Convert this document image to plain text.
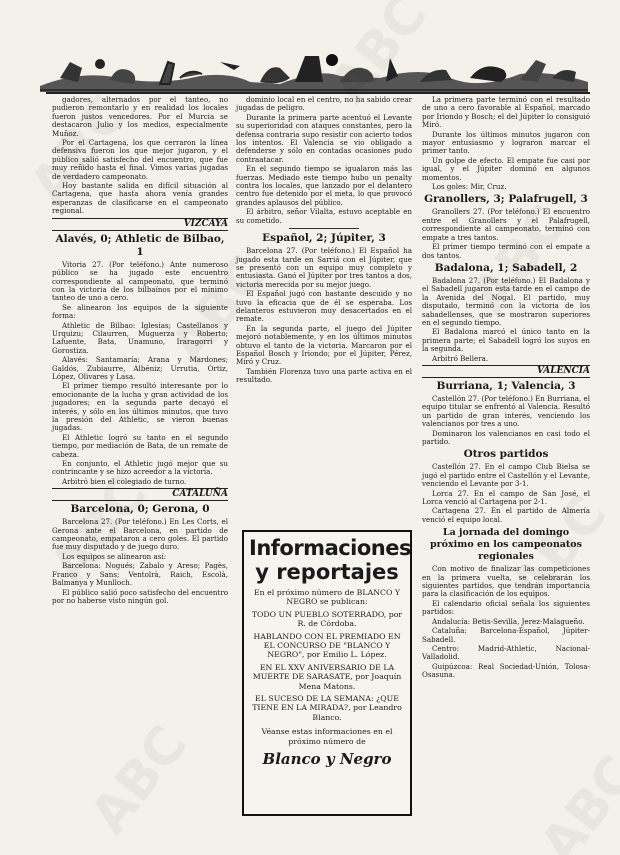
gadores, alternados por el tanteo, no pudieron remontarlo y en realidad los locales fueron justos vencedores. Por el Murcia se destacaron Julio y los medios, especialmente Muñoz.

Por el Cartagena, los que cerraron la línea defensiva fueron los que mejor jugaron, y el público salió satisfecho del encuentro, que fue muy reñido hasta el final. Vimos varias jugadas de verdadero campeonato.

Hoy bastante salida en difícil situación al Cartagena, que hasta ahora venía grandes esperanzas de clasificarse en el campeonato regional.

VIZCAYA
Alavés, 0; Athletic de Bilbao, 1

Vitoria 27. (Por teléfono.) Ante numeroso público se ha jugado este encuentro correspondiente al campeonato, que terminó con la victoria de los bilbaínos por el mínimo tanteo de uno a cero.

Se alinearon los equipos de la siguiente forma:

Athletic de Bilbao: Iglesias; Castellanos y Urquizu; Cilaurren, Muguerza y Roberto; Lafuente, Bata, Unamuno, Iraragorri y Gorostiza.

Alavés: Santamaría; Arana y Mardones; Galdós, Zubiaurre, Albéniz; Urrutia, Ortiz, López, Olivares y Lasa.

El primer tiempo resultó interesante por lo emocionante de la lucha y gran actividad de los jugadores; en la segunda parte decayó el interés, y sólo en los últimos minutos, que tuvo la presión del Athletic, se vieron buenas jugadas.

El Athletic logró su tanto en el segundo tiempo, por mediación de Bata, de un remate de cabeza.

En conjunto, el Athletic jugó mejor que su contrincante y se hizo acreedor a la victoria.

Arbitró bien el colegiado de turno.

CATALUÑA
Barcelona, 0; Gerona, 0

Barcelona 27. (Por teléfono.) En Les Corts, el Gerona ante el Barcelona, en partido de campeonato, empataron a cero goles. El partido fue muy disputado y de juego duro.

Los equipos se alinearon así:

Barcelona: Nogués; Zabalo y Areso; Pagès, Franco y Sans; Ventolrà, Raich, Escolà, Balmanya y Munlloch.

El público salió poco satisfecho del encuentro por no haberse visto ningún gol.

dominio local en el centro, no ha sabido crear jugadas de peligro.

Durante la primera parte acentuó el Levante su superioridad con ataques constantes, pero la defensa contraria supo resistir con acierto todos los intentos. El Valencia se vio obligado a defenderse y sólo en contadas ocasiones pudo contraatacar.

En el segundo tiempo se igualaron más las fuerzas. Mediado este tiempo hubo un penalty contra los locales, que lanzado por el delantero centro fue detenido por el meta, lo que provocó grandes aplausos del público.

El árbitro, señor Vilalta, estuvo aceptable en su cometido.

Español, 2; Júpiter, 3

Barcelona 27. (Por teléfono.) El Español ha jugado esta tarde en Sarriá con el Júpiter, que se presentó con un equipo muy completo y entusiasta. Ganó el Júpiter por tres tantos a dos, victoria merecida por su mejor juego.

El Español jugó con bastante descuido y no tuvo la eficacia que de él se esperaba. Los delanteros estuvieron muy desacertados en el remate.

En la segunda parte, el juego del Júpiter mejoró notablemente, y en los últimos minutos obtuvo el tanto de la victoria. Marcaron por el Español Bosch y Iriondo; por el Júpiter, Pérez, Miró y Cruz.

También Florenza tuvo una parte activa en el resultado.

Informaciones
y reportajes
En el próximo número de BLANCO Y NEGRO se publican:
TODO UN PUEBLO SOTERRADO, por R. de Córdoba.
HABLANDO CON EL PREMIADO EN EL CONCURSO DE "BLANCO Y NEGRO", por Emilio L. López.
EN EL XXV ANIVERSARIO DE LA MUERTE DE SARASATE, por Joaquín Mena Matons.
EL SUCESO DE LA SEMANA: ¿QUE TIENE EN LA MIRADA?, por Leandro Blanco.
Véanse estas informaciones en el próximo número de
Blanco y Negro

La primera parte terminó con el resultado de uno a cero favorable al Español, marcado por Iriondo y Bosch; el del Júpiter lo consiguió Miró.

Durante los últimos minutos jugaron con mayor entusiasmo y lograron marcar el primer tanto.

Un golpe de efecto. El empate fue casi por igual, y el Júpiter dominó en algunos momentos.

Los goles: Mir, Cruz.

Granollers, 3; Palafrugell, 3

Granollers 27. (Por teléfono.) El encuentro entre el Granollers y el Palafrugell, correspondiente al campeonato, terminó con empate a tres tantos.

El primer tiempo terminó con el empate a dos tantos.

Badalona, 1; Sabadell, 2

Badalona 27. (Por teléfono.) El Badalona y el Sabadell jugaron esta tarde en el campo de la Avenida del Nogal. El partido, muy disputado, terminó con la victoria de los sabadellenses, que se mostraron superiores en el segundo tiempo.

El Badalona marcó el único tanto en la primera parte; el Sabadell logró los suyos en la segunda.

Arbitró Bellera.

VALENCIA
Burriana, 1; Valencia, 3

Castellón 27. (Por teléfono.) En Burriana, el equipo titular se enfrentó al Valencia. Resultó un partido de gran interés, venciendo los valencianos por tres a uno.

Dominaron los valencianos en casi todo el partido.

Otros partidos

Castellón 27. En el campo Club Bielsa se jugó el partido entre el Castellón y el Levante, venciendo el Levante por 3-1.

Lorca 27. En el campo de San José, el Lorca venció al Cartagena por 2-1.

Cartagena 27. En el partido de Almería venció el equipo local.

La jornada del domingo próximo en los campeonatos regionales

Con motivo de finalizar las competiciones en la primera vuelta, se celebrarán los siguientes partidos, que tendrán importancia para la clasificación de los equipos.

El calendario oficial señala los siguientes partidos:

Andalucía: Betis-Sevilla, Jerez-Malagueño.

Cataluña: Barcelona-Español, Júpiter-Sabadell.

Centro: Madrid-Athletic, Nacional-Valladolid.

Guipúzcoa: Real Sociedad-Unión, Tolosa-Osasuna.
